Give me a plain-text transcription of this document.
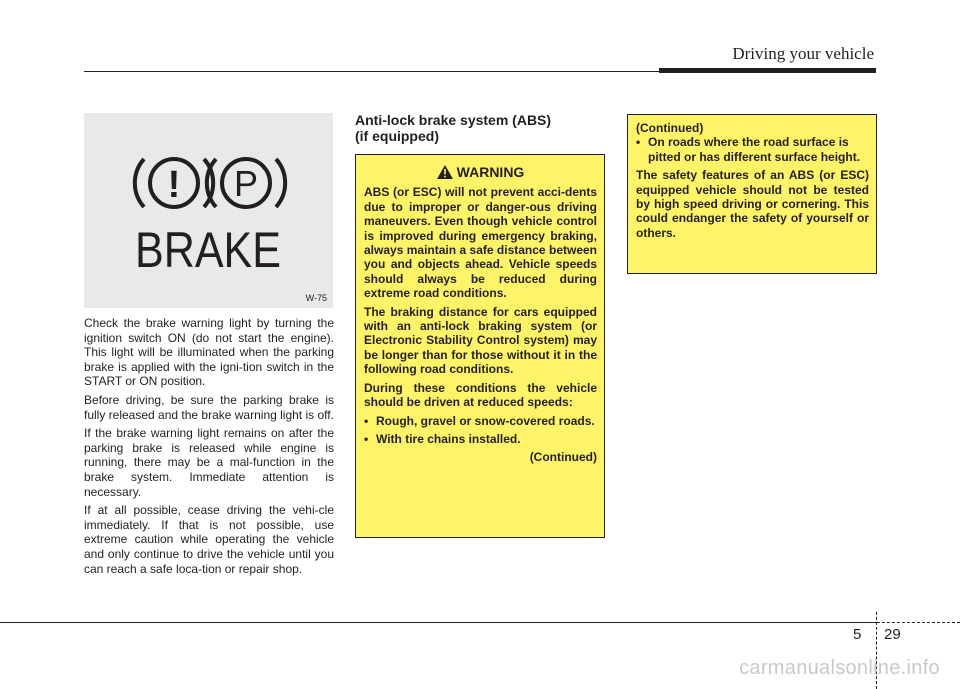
Driving your vehicle
! P
BRAKE
W-75

Check the brake warning light by turning the ignition switch ON (do not start the engine). This light will be illuminated when the parking brake is applied with the igni-tion switch in the START or ON position.

Before driving, be sure the parking brake is fully released and the brake warning light is off.

If the brake warning light remains on after the parking brake is released while engine is running, there may be a mal-function in the brake system. Immediate attention is necessary.

If at all possible, cease driving the vehi-cle immediately. If that is not possible, use extreme caution while operating the vehicle and only continue to drive the vehicle until you can reach a safe loca-tion or repair shop.

Anti-lock brake system (ABS)
(if equipped)
WARNING

ABS (or ESC) will not prevent acci-dents due to improper or danger-ous driving maneuvers. Even though vehicle control is improved during emergency braking, always maintain a safe distance between you and objects ahead. Vehicle speeds should always be reduced during extreme road conditions.

The braking distance for cars equipped with an anti-lock braking system (or Electronic Stability Control system) may be longer than for those without it in the following road conditions.

During these conditions the vehicle should be driven at reduced speeds:

• Rough, gravel or snow-covered roads.
• With tire chains installed.
(Continued)
(Continued)
• On roads where the road surface is pitted or has different surface height.

The safety features of an ABS (or ESC) equipped vehicle should not be tested by high speed driving or cornering. This could endanger the safety of yourself or others.

5 29
carmanualsonline.info
